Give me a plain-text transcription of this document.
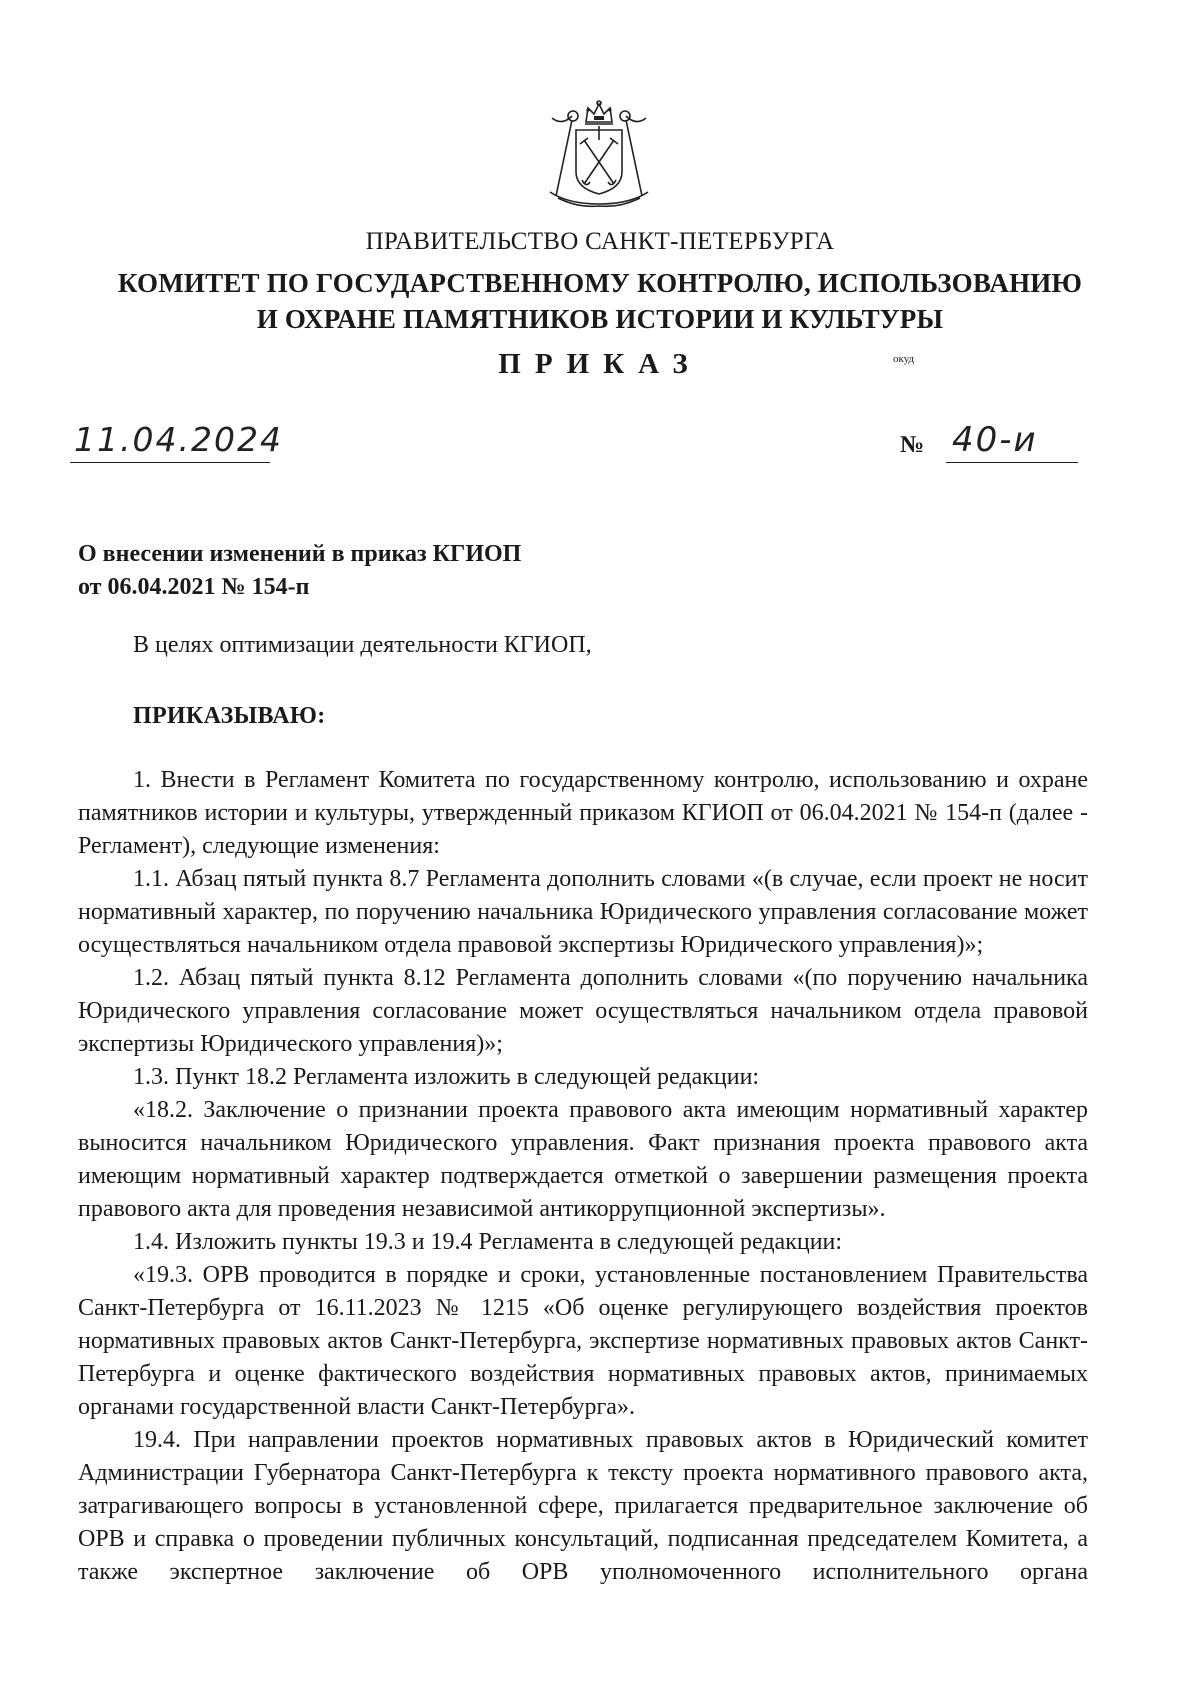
ПРАВИТЕЛЬСТВО САНКТ-ПЕТЕРБУРГА
КОМИТЕТ ПО ГОСУДАРСТВЕННОМУ КОНТРОЛЮ, ИСПОЛЬЗОВАНИЮ
И ОХРАНЕ ПАМЯТНИКОВ ИСТОРИИ И КУЛЬТУРЫ
ПРИКАЗ	окуд
11.04.2024	№ 40-и
О внесении изменений в приказ КГИОП
от 06.04.2021 № 154-п
В целях оптимизации деятельности КГИОП,
ПРИКАЗЫВАЮ:

1. Внести в Регламент Комитета по государственному контролю, использованию и охране памятников истории и культуры, утвержденный приказом КГИОП от 06.04.2021 № 154-п (далее - Регламент), следующие изменения:

1.1. Абзац пятый пункта 8.7 Регламента дополнить словами «(в случае, если проект не носит нормативный характер, по поручению начальника Юридического управления согласование может осуществляться начальником отдела правовой экспертизы Юридического управления)»;

1.2. Абзац пятый пункта 8.12 Регламента дополнить словами «(по поручению начальника Юридического управления согласование может осуществляться начальником отдела правовой экспертизы Юридического управления)»;

1.3. Пункт 18.2 Регламента изложить в следующей редакции:

«18.2. Заключение о признании проекта правового акта имеющим нормативный характер выносится начальником Юридического управления. Факт признания проекта правового акта имеющим нормативный характер подтверждается отметкой о завершении размещения проекта правового акта для проведения независимой антикоррупционной экспертизы».

1.4. Изложить пункты 19.3 и 19.4 Регламента в следующей редакции:

«19.3. ОРВ проводится в порядке и сроки, установленные постановлением Правительства Санкт-Петербурга от 16.11.2023 № 1215 «Об оценке регулирующего воздействия проектов нормативных правовых актов Санкт-Петербурга, экспертизе нормативных правовых актов Санкт-Петербурга и оценке фактического воздействия нормативных правовых актов, принимаемых органами государственной власти Санкт-Петербурга».

19.4. При направлении проектов нормативных правовых актов в Юридический комитет Администрации Губернатора Санкт-Петербурга к тексту проекта нормативного правового акта, затрагивающего вопросы в установленной сфере, прилагается предварительное заключение об ОРВ и справка о проведении публичных консультаций, подписанная председателем Комитета, а также экспертное заключение об ОРВ уполномоченного исполнительного органа
